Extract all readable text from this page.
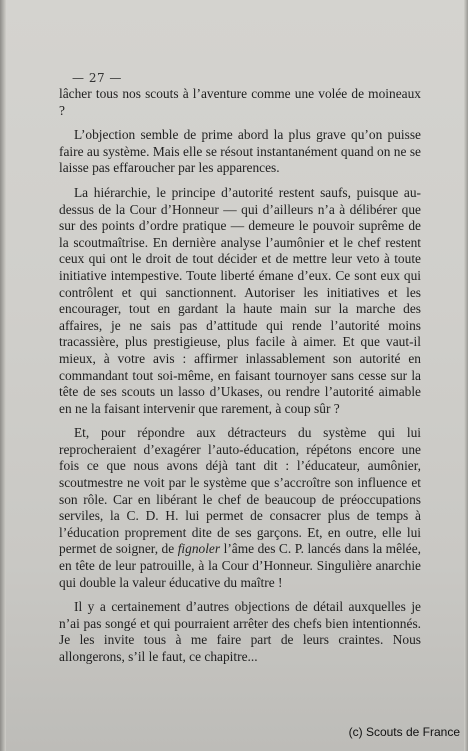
— 27 —

lâcher tous nos scouts à l’aventure comme une volée de moineaux ?

L’objection semble de prime abord la plus grave qu’on puisse faire au système. Mais elle se résout instantanément quand on ne se laisse pas effaroucher par les apparences.

La hiérarchie, le principe d’autorité restent saufs, puisque au-dessus de la Cour d’Honneur — qui d’ailleurs n’a à délibérer que sur des points d’ordre pratique — demeure le pouvoir suprême de la scoutmaîtrise. En dernière analyse l’aumônier et le chef restent ceux qui ont le droit de tout décider et de mettre leur veto à toute initiative intempestive. Toute liberté émane d’eux. Ce sont eux qui contrôlent et qui sanctionnent. Autoriser les initiatives et les encourager, tout en gardant la haute main sur la marche des affaires, je ne sais pas d’attitude qui rende l’autorité moins tracassière, plus prestigieuse, plus facile à aimer. Et que vaut-il mieux, à votre avis : affirmer inlassablement son autorité en commandant tout soi-même, en faisant tournoyer sans cesse sur la tête de ses scouts un lasso d’Ukases, ou rendre l’autorité aimable en ne la faisant intervenir que rarement, à coup sûr ?

Et, pour répondre aux détracteurs du système qui lui reprocheraient d’exagérer l’auto-éducation, répétons encore une fois ce que nous avons déjà tant dit : l’éducateur, aumônier, scoutmestre ne voit par le système que s’accroître son influence et son rôle. Car en libérant le chef de beaucoup de préoccupations serviles, la C. D. H. lui permet de consacrer plus de temps à l’éducation proprement dite de ses garçons. Et, en outre, elle lui permet de soigner, de fignoler l’âme des C. P. lancés dans la mêlée, en tête de leur patrouille, à la Cour d’Honneur. Singulière anarchie qui double la valeur éducative du maître !

Il y a certainement d’autres objections de détail auxquelles je n’ai pas songé et qui pourraient arrêter des chefs bien intentionnés. Je les invite tous à me faire part de leurs craintes. Nous allongerons, s’il le faut, ce chapitre...

(c) Scouts de France
